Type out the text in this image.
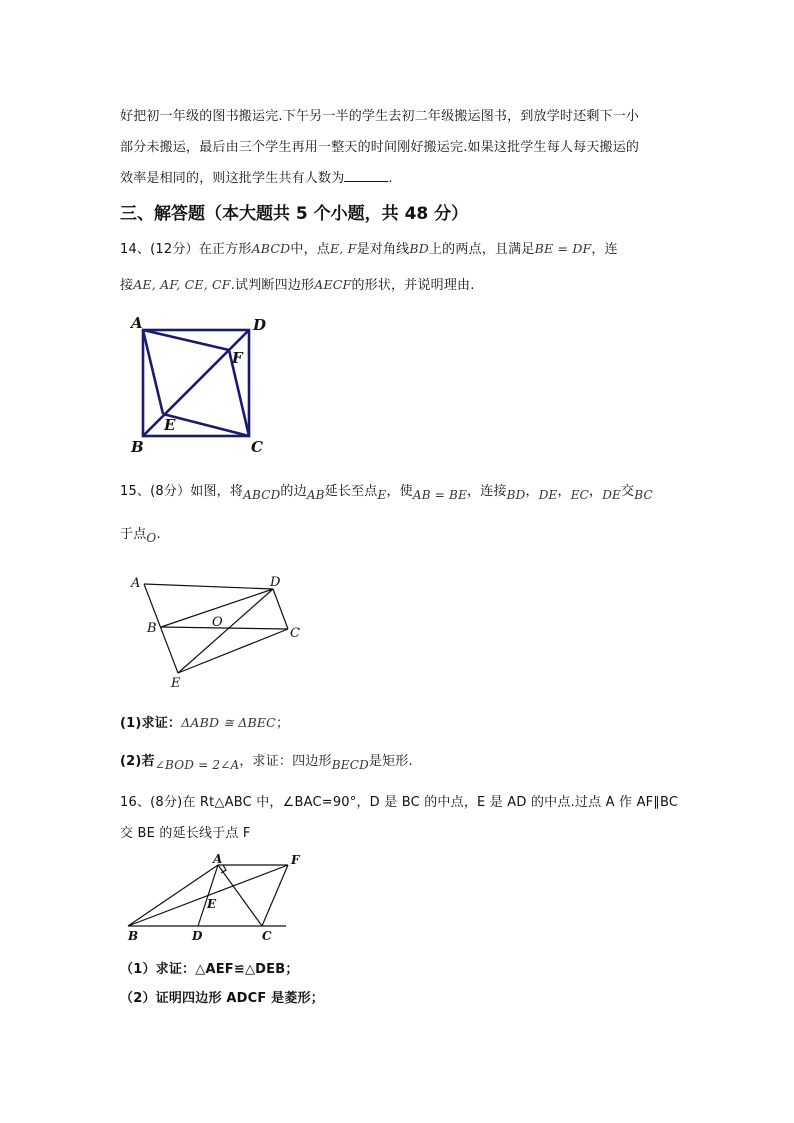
好把初一年级的图书搬运完.下午另一半的学生去初二年级搬运图书，到放学时还剩下一小
部分未搬运，最后由三个学生再用一整天的时间刚好搬运完.如果这批学生每人每天搬运的
效率是相同的，则这批学生共有人数为	.
三、解答题（本大题共 5 个小题，共 48 分）
14、(12分）在正方形ABCD中，点E, F是对角线BD上的两点，且满足BE = DF，连
接AE, AF, CE, CF.试判断四边形AECF的形状，并说明理由.
A	D
F
E
B	C
15、(8分）如图，将ABCD的边AB延长至点E，使AB = BE，连接BD，DE，EC，DE交BC
于点O.
A	D
B	O
C
E
(1)求证：ΔABD ≅ ΔBEC；
(2)若∠BOD = 2∠A，求证：四边形BECD是矩形.
16、(8分)在 Rt△ABC 中，∠BAC=90°，D 是 BC 的中点，E 是 AD 的中点.过点 A 作 AF∥BC
交 BE 的延长线于点 F
A	F
E
B	D	C
（1）求证：△AEF≌△DEB；
（2）证明四边形 ADCF 是菱形；
